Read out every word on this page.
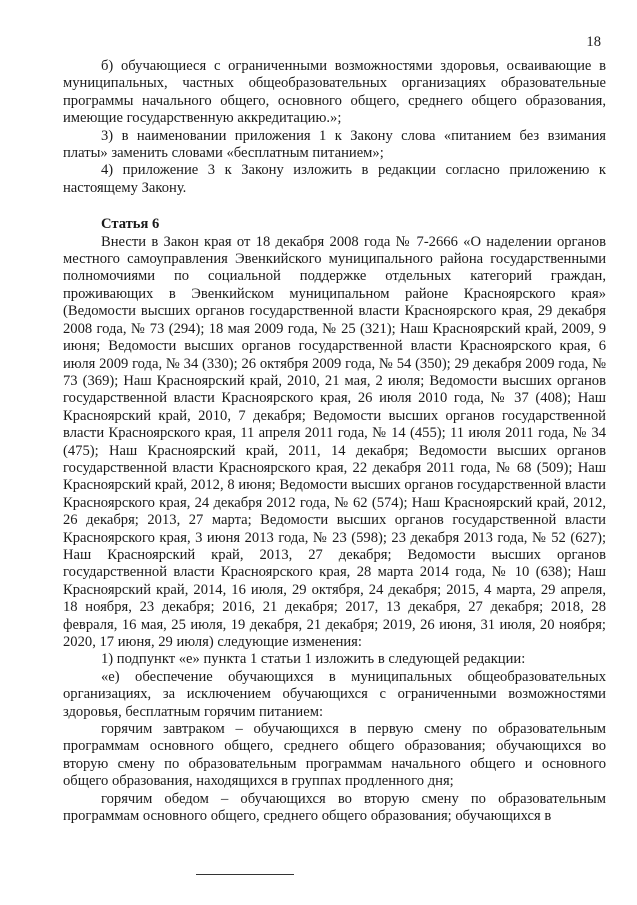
18

б) обучающиеся с ограниченными возможностями здоровья, осваивающие в муниципальных, частных общеобразовательных организациях образовательные программы начального общего, основного общего, среднего общего образования, имеющие государственную аккредитацию.»;

3) в наименовании приложения 1 к Закону слова «питанием без взимания платы» заменить словами «бесплатным питанием»;

4) приложение 3 к Закону изложить в редакции согласно приложению к настоящему Закону.

Статья 6

Внести в Закон края от 18 декабря 2008 года № 7-2666 «О наделении органов местного самоуправления Эвенкийского муниципального района государственными полномочиями по социальной поддержке отдельных категорий граждан, проживающих в Эвенкийском муниципальном районе Красноярского края» (Ведомости высших органов государственной власти Красноярского края, 29 декабря 2008 года, № 73 (294); 18 мая 2009 года, № 25 (321); Наш Красноярский край, 2009, 9 июня; Ведомости высших органов государственной власти Красноярского края, 6 июля 2009 года, № 34 (330); 26 октября 2009 года, № 54 (350); 29 декабря 2009 года, № 73 (369); Наш Красноярский край, 2010, 21 мая, 2 июля; Ведомости высших органов государственной власти Красноярского края, 26 июля 2010 года, № 37 (408); Наш Красноярский край, 2010, 7 декабря; Ведомости высших органов государственной власти Красноярского края, 11 апреля 2011 года, № 14 (455); 11 июля 2011 года, № 34 (475); Наш Красноярский край, 2011, 14 декабря; Ведомости высших органов государственной власти Красноярского края, 22 декабря 2011 года, № 68 (509); Наш Красноярский край, 2012, 8 июня; Ведомости высших органов государственной власти Красноярского края, 24 декабря 2012 года, № 62 (574); Наш Красноярский край, 2012, 26 декабря; 2013, 27 марта; Ведомости высших органов государственной власти Красноярского края, 3 июня 2013 года, № 23 (598); 23 декабря 2013 года, № 52 (627); Наш Красноярский край, 2013, 27 декабря; Ведомости высших органов государственной власти Красноярского края, 28 марта 2014 года, № 10 (638); Наш Красноярский край, 2014, 16 июля, 29 октября, 24 декабря; 2015, 4 марта, 29 апреля, 18 ноября, 23 декабря; 2016, 21 декабря; 2017, 13 декабря, 27 декабря; 2018, 28 февраля, 16 мая, 25 июля, 19 декабря, 21 декабря; 2019, 26 июня, 31 июля, 20 ноября; 2020, 17 июня, 29 июля) следующие изменения:

1) подпункт «е» пункта 1 статьи 1 изложить в следующей редакции:

«е) обеспечение обучающихся в муниципальных общеобразовательных организациях, за исключением обучающихся с ограниченными возможностями здоровья, бесплатным горячим питанием:

горячим завтраком – обучающихся в первую смену по образовательным программам основного общего, среднего общего образования; обучающихся во вторую смену по образовательным программам начального общего и основного общего образования, находящихся в группах продленного дня;

горячим обедом – обучающихся во вторую смену по образовательным программам основного общего, среднего общего образования; обучающихся в
